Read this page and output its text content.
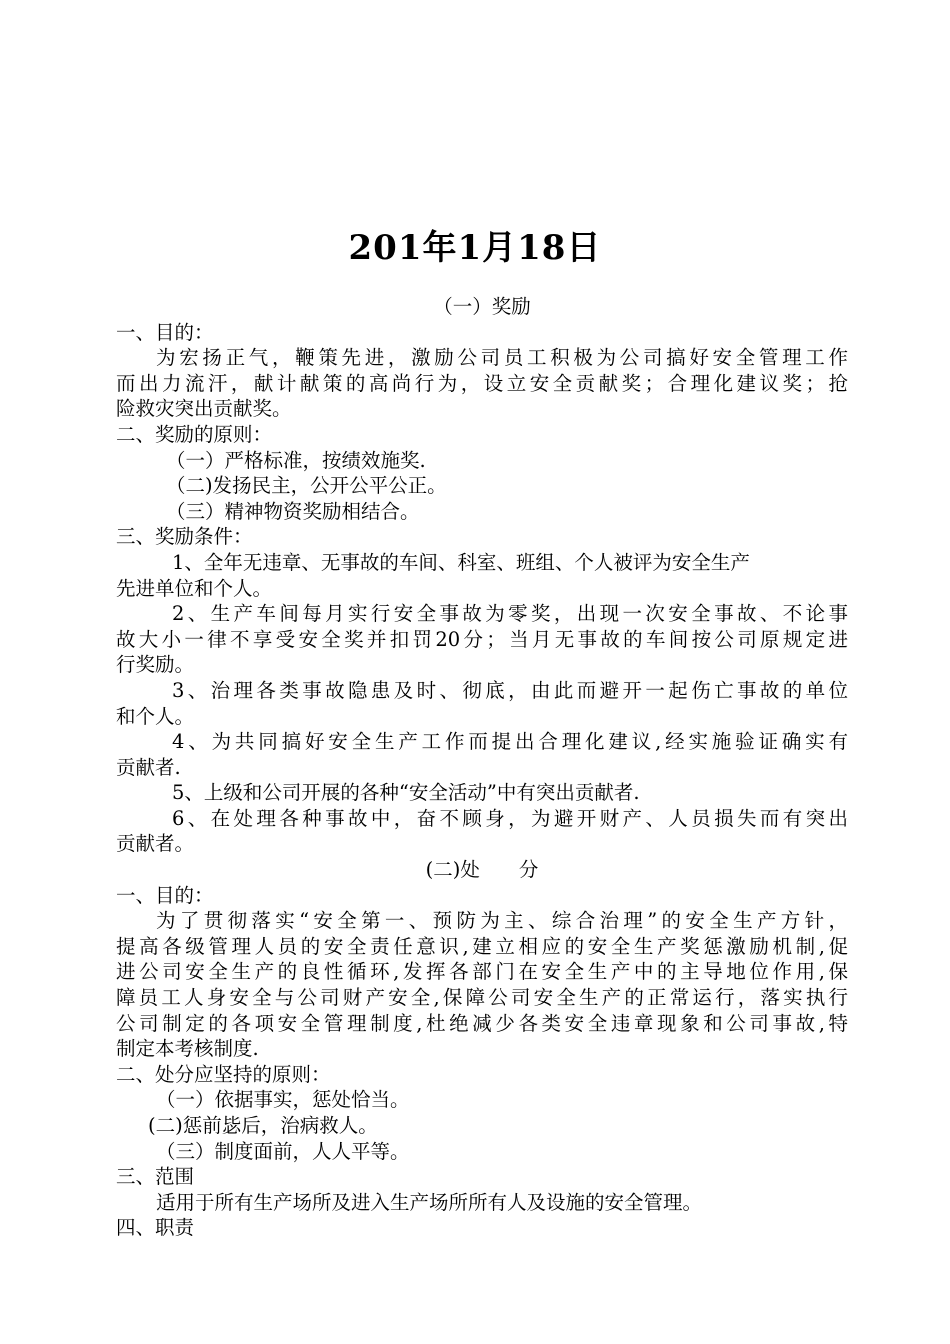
201年1月18日
（一）奖励
一、目的：
为宏扬正气，鞭策先进，激励公司员工积极为公司搞好安全管理工作
而出力流汗，献计献策的高尚行为，设立安全贡献奖；合理化建议奖；抢
险救灾突出贡献奖。
二、奖励的原则：
（一）严格标准，按绩效施奖.
（二)发扬民主，公开公平公正。
（三）精神物资奖励相结合。
三、奖励条件：
1、全年无违章、无事故的车间、科室、班组、个人被评为安全生产
先进单位和个人。
2、生产车间每月实行安全事故为零奖，出现一次安全事故、不论事
故大小一律不享受安全奖并扣罚20分；当月无事故的车间按公司原规定进
行奖励。
3、治理各类事故隐患及时、彻底，由此而避开一起伤亡事故的单位
和个人。
4、为共同搞好安全生产工作而提出合理化建议,经实施验证确实有
贡献者.
5、上级和公司开展的各种“安全活动”中有突出贡献者.
6、在处理各种事故中，奋不顾身，为避开财产、人员损失而有突出
贡献者。
(二)处　　分
一、目的：
为了贯彻落实“安全第一、预防为主、综合治理”的安全生产方针，
提高各级管理人员的安全责任意识,建立相应的安全生产奖惩激励机制,促
进公司安全生产的良性循环,发挥各部门在安全生产中的主导地位作用,保
障员工人身安全与公司财产安全,保障公司安全生产的正常运行，落实执行
公司制定的各项安全管理制度,杜绝减少各类安全违章现象和公司事故,特
制定本考核制度.
二、处分应坚持的原则：
（一）依据事实，惩处恰当。
(二)惩前毖后，治病救人。
（三）制度面前，人人平等。
三、范围
适用于所有生产场所及进入生产场所所有人及设施的安全管理。
四、职责
